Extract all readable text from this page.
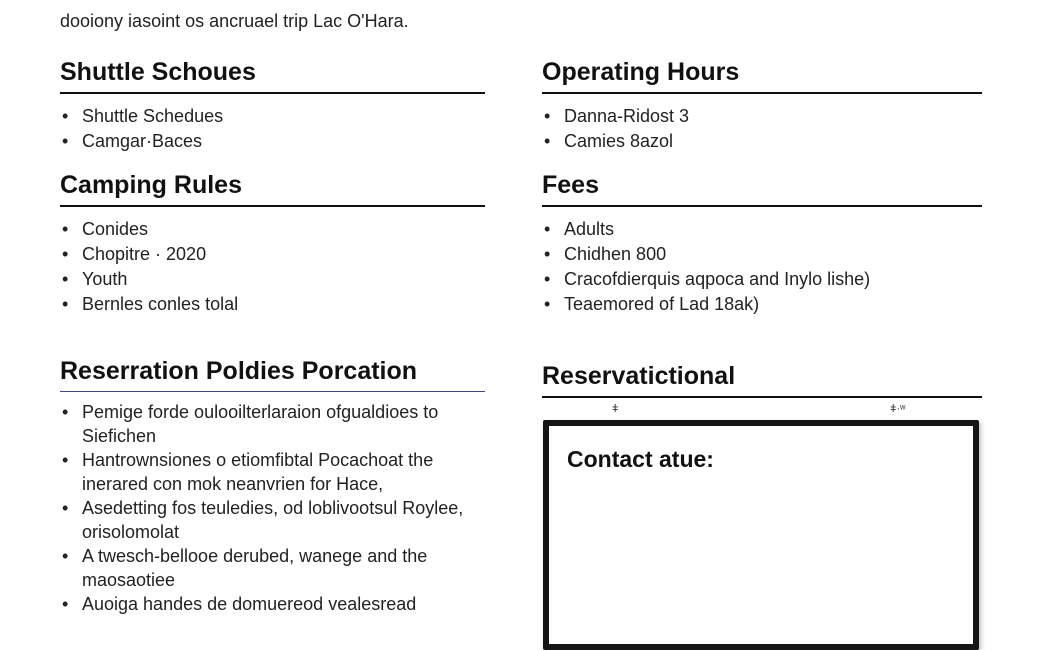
dooiony iasoint os ancruael trip Lac O'Hara.
Shuttle Schoues
• Shuttle Schedues
• Camgar·Baces
Operating Hours
• Danna-Ridost 3
• Camies 8azol
Camping Rules
• Conides
• Chopitre · 2020
• Youth
• Bernles conles tolal
Fees
• Adults
• Chidhen 800
• Cracofdierquis aqpoca and Inylo lishe)
• Teaemored of Lad 18ak)
Reserration Poldies Porcation
• Pemige forde oulooilterlaraion ofgualdioes to Siefichen
• Hantrownsiones o etiomfibtal Pocachoat the inerared con mok neanvrien for Hace,
• Asedetting fos teuledies, od loblivootsul Roylee, orisolomolat
• A twesch-bellooe derubed, wanege and the maosaotiee
• Auoiga handes de domuereod vealesread
Reservatictional
ǂ	ǂ·ʷ
Contact atue:
